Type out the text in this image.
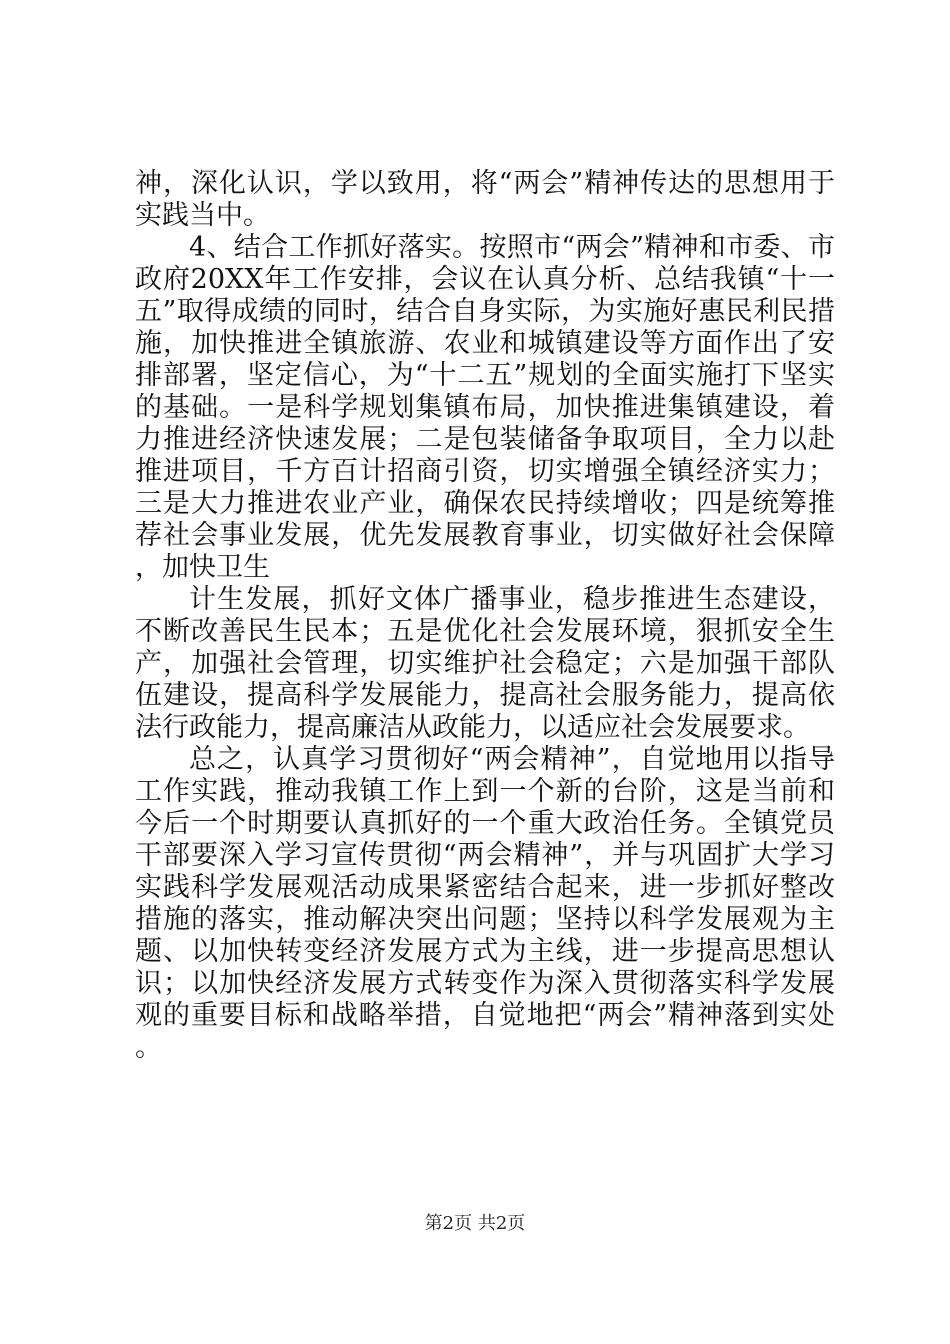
神，深化认识，学以致用，将“两会”精神传达的思想用于实践当中。

4、结合工作抓好落实。按照市“两会”精神和市委、市政府20XX年工作安排，会议在认真分析、总结我镇“十一五”取得成绩的同时，结合自身实际，为实施好惠民利民措施，加快推进全镇旅游、农业和城镇建设等方面作出了安排部署，坚定信心，为“十二五”规划的全面实施打下坚实的基础。一是科学规划集镇布局，加快推进集镇建设，着力推进经济快速发展；二是包装储备争取项目，全力以赴推进项目，千方百计招商引资，切实增强全镇经济实力；三是大力推进农业产业，确保农民持续增收；四是统筹推荐社会事业发展，优先发展教育事业，切实做好社会保障，加快卫生

计生发展，抓好文体广播事业，稳步推进生态建设，不断改善民生民本；五是优化社会发展环境，狠抓安全生产，加强社会管理，切实维护社会稳定；六是加强干部队伍建设，提高科学发展能力，提高社会服务能力，提高依法行政能力，提高廉洁从政能力，以适应社会发展要求。

总之，认真学习贯彻好“两会精神”，自觉地用以指导工作实践，推动我镇工作上到一个新的台阶，这是当前和今后一个时期要认真抓好的一个重大政治任务。全镇党员干部要深入学习宣传贯彻“两会精神”，并与巩固扩大学习实践科学发展观活动成果紧密结合起来，进一步抓好整改措施的落实，推动解决突出问题；坚持以科学发展观为主题、以加快转变经济发展方式为主线，进一步提高思想认识；以加快经济发展方式转变作为深入贯彻落实科学发展观的重要目标和战略举措，自觉地把“两会”精神落到实处。

第2页 共2页
